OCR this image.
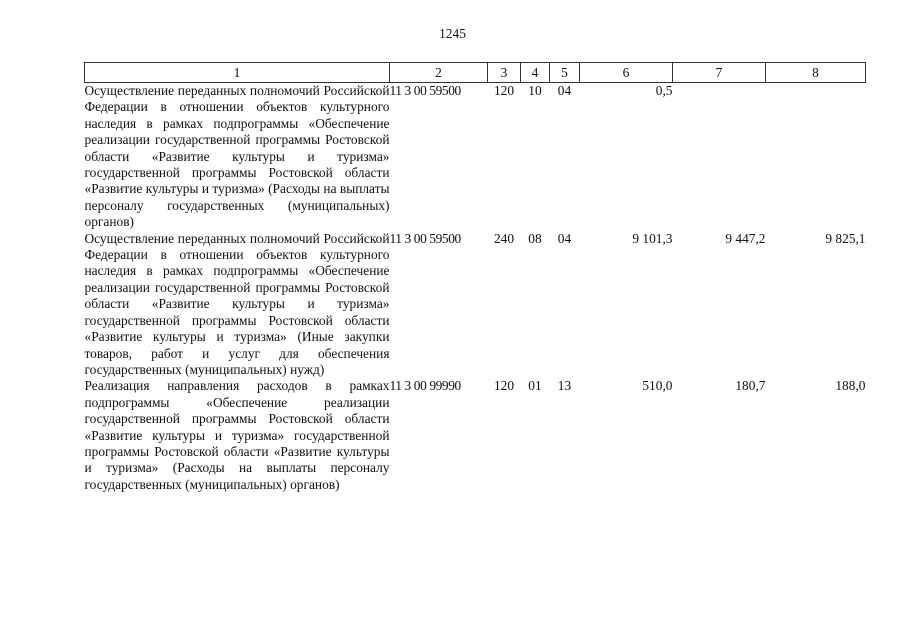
1245
1	2	3	4	5	6	7	8
Осуществление переданных полномочий Российской Федерации в отношении объектов культурного наследия в рамках подпрограммы «Обеспечение реализации государственной программы Ростовской области «Развитие культуры и туризма» государственной программы Ростовской области «Развитие культуры и туризма» (Расходы на выплаты персоналу государственных (муниципальных) органов)	11 3 00 59500	120	10	04	0,5		
Осуществление переданных полномочий Российской Федерации в отношении объектов культурного наследия в рамках подпрограммы «Обеспечение реализации государственной программы Ростовской области «Развитие культуры и туризма» государственной программы Ростовской области «Развитие культуры и туризма» (Иные закупки товаров, работ и услуг для обеспечения государственных (муниципальных) нужд)	11 3 00 59500	240	08	04	9 101,3	9 447,2	9 825,1
Реализация направления расходов в рамках подпрограммы «Обеспечение реализации государственной программы Ростовской области «Развитие культуры и туризма» государственной программы Ростовской области «Развитие культуры и туризма» (Расходы на выплаты персоналу государственных (муниципальных) органов)	11 3 00 99990	120	01	13	510,0	180,7	188,0
